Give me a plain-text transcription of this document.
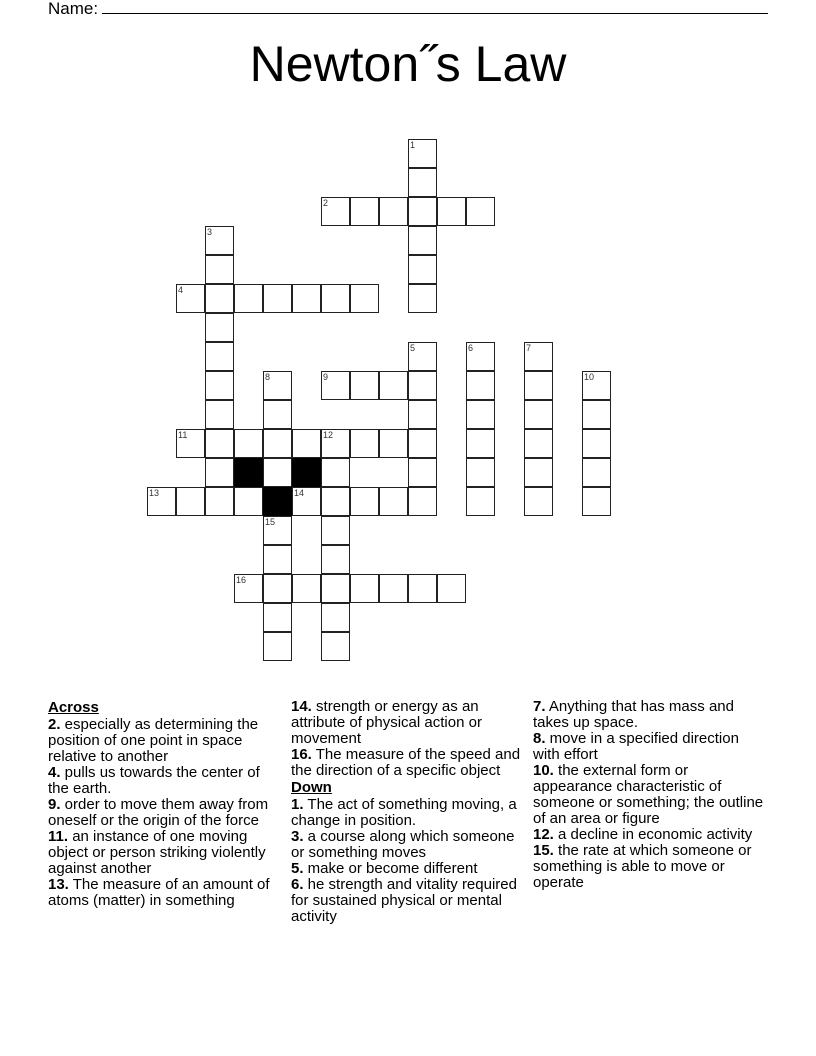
Name:
Newton˝s Law
1
2
3
4
5	6	7
8	9	10
11	12
13	14
15
16
Across

2. especially as determining the position of one point in space relative to another

4. pulls us towards the center of the earth.

9. order to move them away from oneself or the origin of the force

11. an instance of one moving object or person striking violently against another

13. The measure of an amount of atoms (matter) in something

14. strength or energy as an attribute of physical action or movement

16. The measure of the speed and the direction of a specific object

Down

1. The act of something moving, a change in position.

3. a course along which someone or something moves

5. make or become different

6. he strength and vitality required for sustained physical or mental activity

7. Anything that has mass and takes up space.

8. move in a specified direction with effort

10. the external form or appearance characteristic of someone or something; the outline of an area or figure

12. a decline in economic activity

15. the rate at which someone or something is able to move or operate
